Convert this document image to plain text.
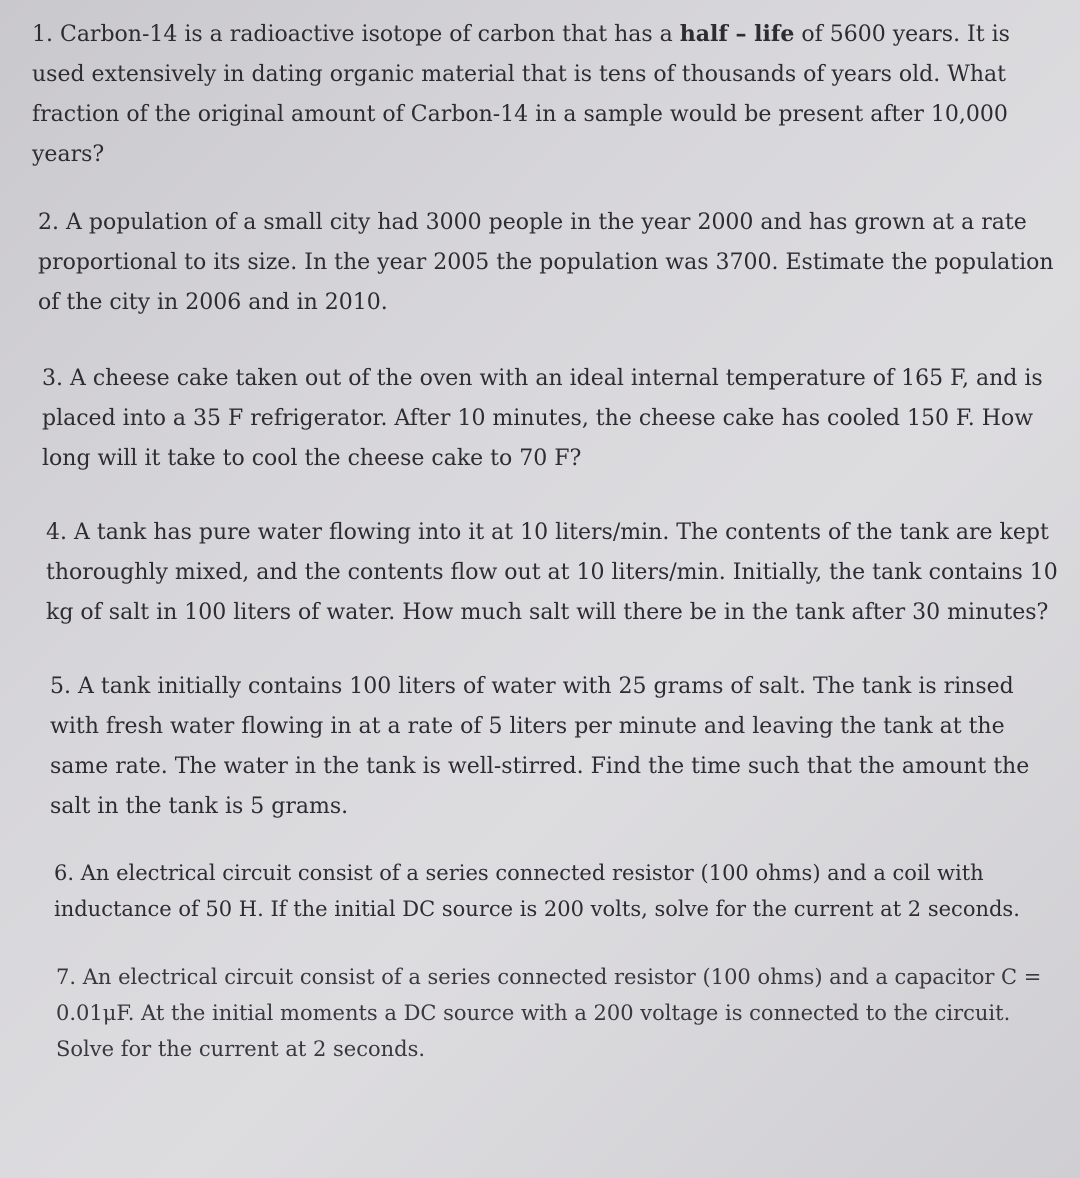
1. Carbon-14 is a radioactive isotope of carbon that has a half – life of 5600 years. It is used extensively in dating organic material that is tens of thousands of years old. What fraction of the original amount of Carbon-14 in a sample would be present after 10,000 years?

2. A population of a small city had 3000 people in the year 2000 and has grown at a rate proportional to its size. In the year 2005 the population was 3700. Estimate the population of the city in 2006 and in 2010.

3. A cheese cake taken out of the oven with an ideal internal temperature of 165 F, and is placed into a 35 F refrigerator. After 10 minutes, the cheese cake has cooled 150 F. How long will it take to cool the cheese cake to 70 F?

4. A tank has pure water flowing into it at 10 liters/min. The contents of the tank are kept thoroughly mixed, and the contents flow out at 10 liters/min. Initially, the tank contains 10 kg of salt in 100 liters of water. How much salt will there be in the tank after 30 minutes?

5. A tank initially contains 100 liters of water with 25 grams of salt. The tank is rinsed with fresh water flowing in at a rate of 5 liters per minute and leaving the tank at the same rate. The water in the tank is well-stirred. Find the time such that the amount the salt in the tank is 5 grams.

6. An electrical circuit consist of a series connected resistor (100 ohms) and a coil with inductance of 50 H. If the initial DC source is 200 volts, solve for the current at 2 seconds.

7. An electrical circuit consist of a series connected resistor (100 ohms) and a capacitor C = 0.01μF. At the initial moments a DC source with a 200 voltage is connected to the circuit. Solve for the current at 2 seconds.
